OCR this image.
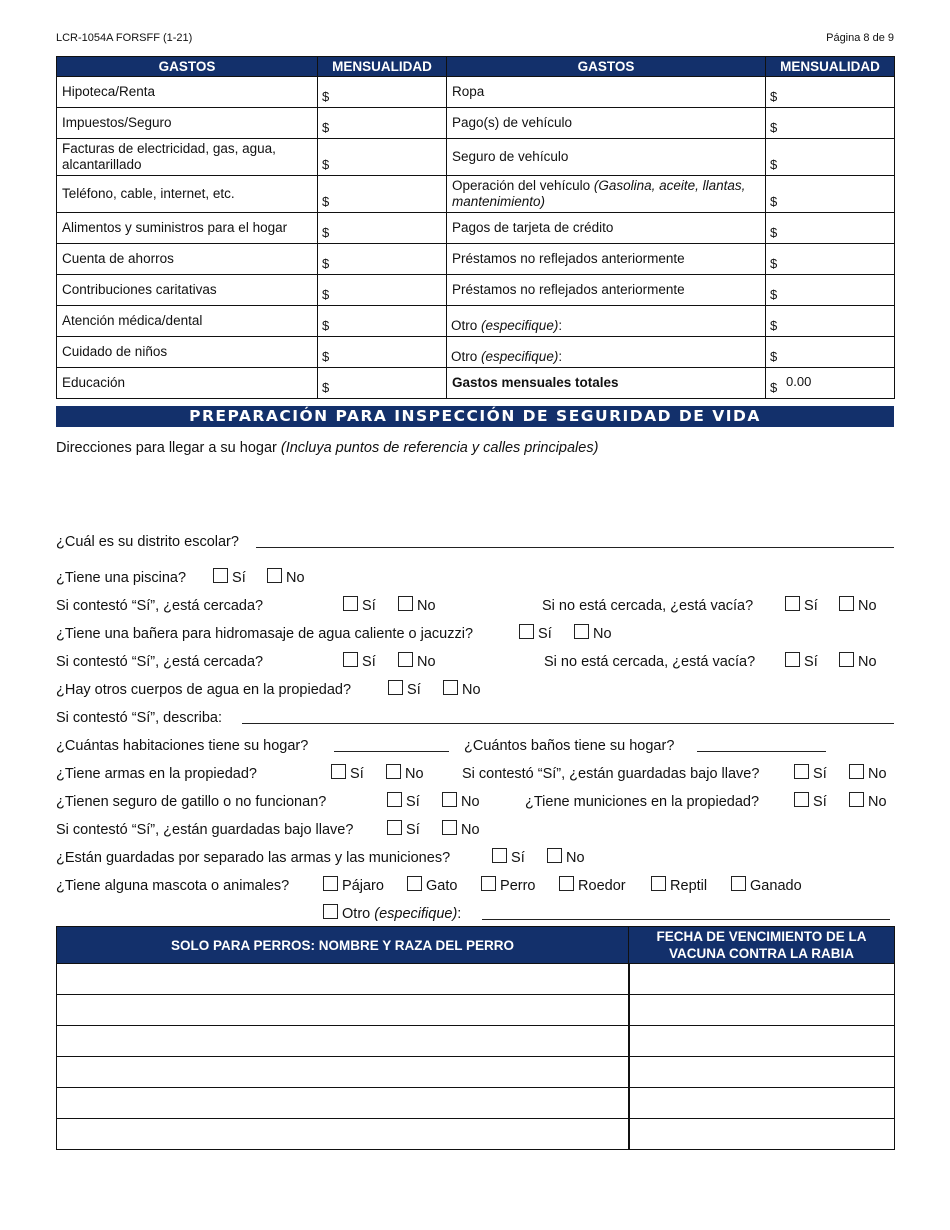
LCR-1054A FORSFF (1-21)	Página 8 de 9
GASTOS	MENSUALIDAD	GASTOS	MENSUALIDAD
Hipoteca/Renta	$	Ropa	$
Impuestos/Seguro	$	Pago(s) de vehículo	$

Facturas de electricidad, gas, agua, alcantarillado	$	Seguro de vehículo	$
Teléfono, cable, internet, etc.	$	Operación del vehículo (Gasolina, aceite, llantas, mantenimiento)	$
Alimentos y suministros para el hogar	$	Pagos de tarjeta de crédito	$
Cuenta de ahorros	$	Préstamos no reflejados anteriormente	$
Contribuciones caritativas	$	Préstamos no reflejados anteriormente	$
Atención médica/dental	$	Otro (especifique):	$
Cuidado de niños	$	Otro (especifique):	$
Educación	$	Gastos mensuales totales	$ 0.00
PREPARACIÓN PARA INSPECCIÓN DE SEGURIDAD DE VIDA
Direcciones para llegar a su hogar (Incluya puntos de referencia y calles principales)
¿Cuál es su distrito escolar?
¿Tiene una piscina?	Sí	No
Si contestó “Sí”, ¿está cercada?	Sí	No	Si no está cercada, ¿está vacía?	Sí	No
¿Tiene una bañera para hidromasaje de agua caliente o jacuzzi?	Sí	No
Si contestó “Sí”, ¿está cercada?	Sí	No	Si no está cercada, ¿está vacía?	Sí	No
¿Hay otros cuerpos de agua en la propiedad?	Sí	No
Si contestó “Sí”, describa:
¿Cuántas habitaciones tiene su hogar?	¿Cuántos baños tiene su hogar?
¿Tiene armas en la propiedad?	Sí	No	Si contestó “Sí”, ¿están guardadas bajo llave?	Sí	No
¿Tienen seguro de gatillo o no funcionan?	Sí	No	¿Tiene municiones en la propiedad?	Sí	No
Si contestó “Sí”, ¿están guardadas bajo llave?	Sí	No
¿Están guardadas por separado las armas y las municiones?	Sí	No
¿Tiene alguna mascota o animales?	Pájaro	Gato	Perro	Roedor	Reptil	Ganado
Otro (especifique):
SOLO PARA PERROS: NOMBRE Y RAZA DEL PERRO	FECHA DE VENCIMIENTO DE LA VACUNA CONTRA LA RABIA
